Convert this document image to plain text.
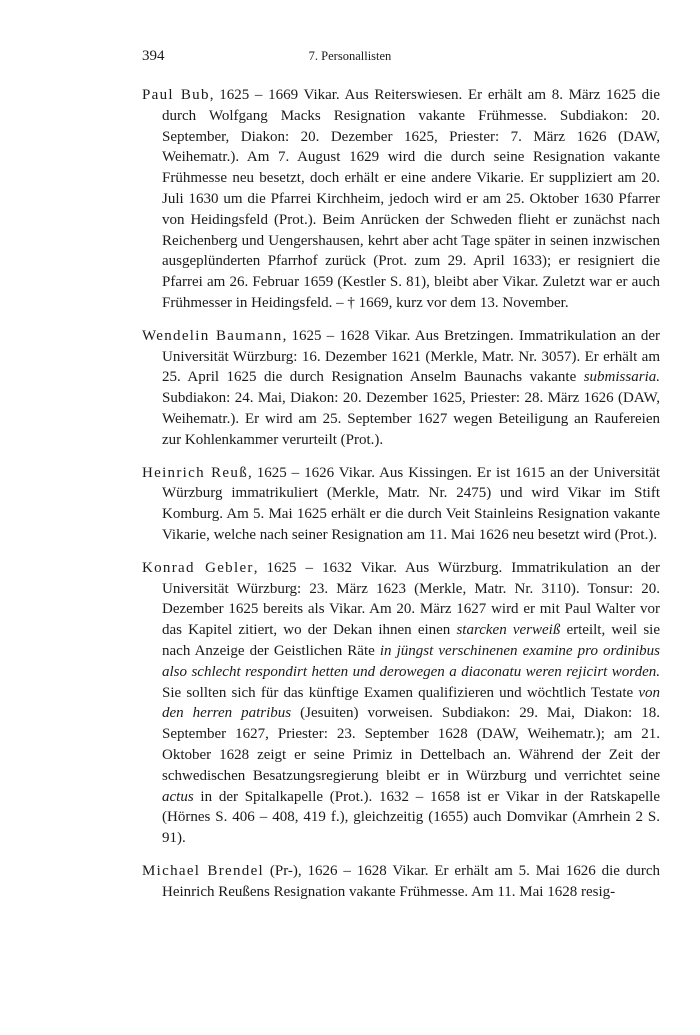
394	7. Personallisten

Paul Bub, 1625 – 1669 Vikar. Aus Reiterswiesen. Er erhält am 8. März 1625 die durch Wolfgang Macks Resignation vakante Frühmesse. Subdiakon: 20. September, Diakon: 20. Dezember 1625, Priester: 7. März 1626 (DAW, Weihematr.). Am 7. August 1629 wird die durch seine Resignation vakante Frühmesse neu besetzt, doch erhält er eine andere Vikarie. Er suppliziert am 20. Juli 1630 um die Pfarrei Kirchheim, jedoch wird er am 25. Oktober 1630 Pfarrer von Heidingsfeld (Prot.). Beim Anrücken der Schweden flieht er zunächst nach Reichenberg und Uengershausen, kehrt aber acht Tage später in seinen inzwischen ausgeplünderten Pfarrhof zurück (Prot. zum 29. April 1633); er resigniert die Pfarrei am 26. Februar 1659 (Kestler S. 81), bleibt aber Vikar. Zuletzt war er auch Frühmesser in Heidingsfeld. – † 1669, kurz vor dem 13. November.

Wendelin Baumann, 1625 – 1628 Vikar. Aus Bretzingen. Immatrikulation an der Universität Würzburg: 16. Dezember 1621 (Merkle, Matr. Nr. 3057). Er erhält am 25. April 1625 die durch Resignation Anselm Baunachs vakante submissaria. Subdiakon: 24. Mai, Diakon: 20. Dezember 1625, Priester: 28. März 1626 (DAW, Weihematr.). Er wird am 25. September 1627 wegen Beteiligung an Raufereien zur Kohlenkammer verurteilt (Prot.).

Heinrich Reuß, 1625 – 1626 Vikar. Aus Kissingen. Er ist 1615 an der Universität Würzburg immatrikuliert (Merkle, Matr. Nr. 2475) und wird Vikar im Stift Komburg. Am 5. Mai 1625 erhält er die durch Veit Stainleins Resignation vakante Vikarie, welche nach seiner Resignation am 11. Mai 1626 neu besetzt wird (Prot.).

Konrad Gebler, 1625 – 1632 Vikar. Aus Würzburg. Immatrikulation an der Universität Würzburg: 23. März 1623 (Merkle, Matr. Nr. 3110). Tonsur: 20. Dezember 1625 bereits als Vikar. Am 20. März 1627 wird er mit Paul Walter vor das Kapitel zitiert, wo der Dekan ihnen einen starcken verweiß erteilt, weil sie nach Anzeige der Geistlichen Räte in jüngst verschinenen examine pro ordinibus also schlecht respondirt hetten und derowegen a diaconatu weren rejicirt worden. Sie sollten sich für das künftige Examen qualifizieren und wöchtlich Testate von den herren patribus (Jesuiten) vorweisen. Subdiakon: 29. Mai, Diakon: 18. September 1627, Priester: 23. September 1628 (DAW, Weihematr.); am 21. Oktober 1628 zeigt er seine Primiz in Dettelbach an. Während der Zeit der schwedischen Besatzungsregierung bleibt er in Würzburg und verrichtet seine actus in der Spitalkapelle (Prot.). 1632 – 1658 ist er Vikar in der Ratskapelle (Hörnes S. 406 – 408, 419 f.), gleichzeitig (1655) auch Domvikar (Amrhein 2 S. 91).

Michael Brendel (Pr-), 1626 – 1628 Vikar. Er erhält am 5. Mai 1626 die durch Heinrich Reußens Resignation vakante Frühmesse. Am 11. Mai 1628 resig-
